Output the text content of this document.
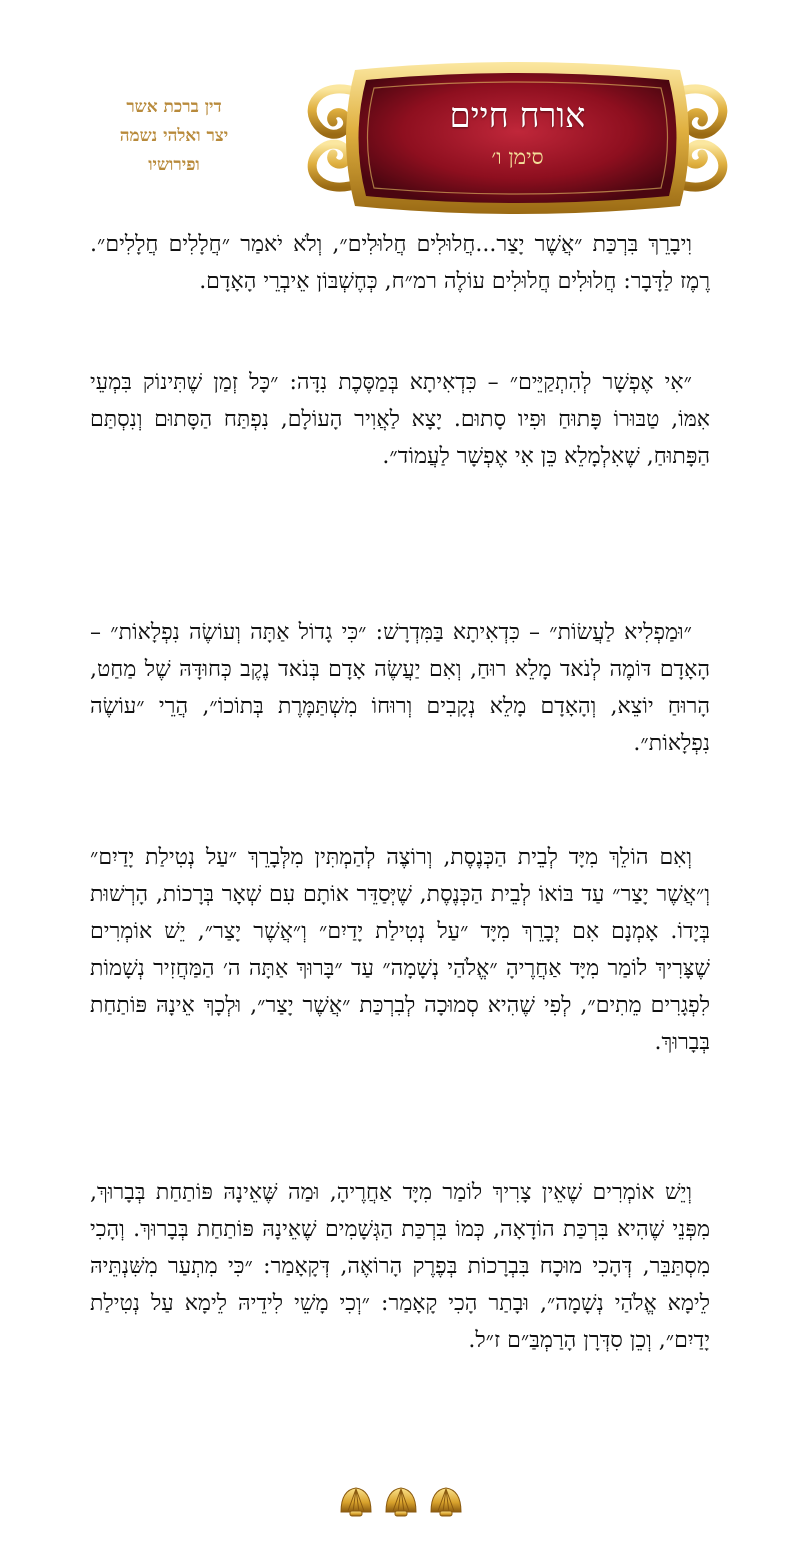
דין ברכת אשר
יצר ואלהי נשמה
ופירושיו
אורח חיים
סימן ו׳

וִיבָרֵךְ בִּרְכַּת ״אֲשֶׁר יָצַר...חֲלוּלִים חֲלוּלִים״, וְלֹא יֹאמַר ״חֲלָלִים חֲלָלִים״. רֶמֶז לַדָּבָר: חֲלוּלִים חֲלוּלִים עוֹלֶה רמ״ח, כְּחֶשְׁבּוֹן אֵיבְרֵי הָאָדָם.

״אִי אֶפְשָׁר לְהִתְקַיֵּים״ – כִּדְאִיתָא בְּמַסֶּכֶת נִדָּה: ״כָּל זְמַן שֶׁתִּינוֹק בִּמְעֵי אִמּוֹ, טַבּוּרוֹ פָּתוּחַ וּפִיו סָתוּם. יָצָא לַאֲוִיר הָעוֹלָם, נִפְתַּח הַסָּתוּם וְנִסְתַּם הַפָּתוּחַ, שֶׁאִלְמָלֵא כֵּן אִי אֶפְשָׁר לַעֲמוֹד״.

״וּמַפְלִיא לַעֲשׂוֹת״ – כִּדְאִיתָא בַּמִּדְרָשׁ: ״כִּי גָדוֹל אַתָּה וְעוֹשֶׂה נִפְלָאוֹת״ – הָאָדָם דּוֹמֶה לְנֹאד מָלֵא רוּחַ, וְאִם יַעֲשֶׂה אָדָם בְּנֹאד נֶקֶב כְּחוּדָּהּ שֶׁל מַחַט, הָרוּחַ יוֹצֵא, וְהָאָדָם מָלֵא נְקָבִים וְרוּחוֹ מִשְׁתַּמֶּרֶת בְּתוֹכוֹ״, הֲרֵי ״עוֹשֶׂה נִפְלָאוֹת״.

וְאִם הוֹלֵךְ מִיָּד לְבֵית הַכְּנֶסֶת, וְרוֹצֶה לְהַמְתִּין מִלְּבָרֵךְ ״עַל נְטִילַת יָדַיִם״ וְ״אֲשֶׁר יָצַר״ עַד בּוֹאוֹ לְבֵית הַכְּנֶסֶת, שֶׁיְּסַדֵּר אוֹתָם עִם שְׁאָר בְּרָכוֹת, הָרְשׁוּת בְּיָדוֹ. אָמְנָם אִם יְבָרֵךְ מִיָּד ״עַל נְטִילַת יָדַיִם״ וְ״אֲשֶׁר יָצַר״, יֵשׁ אוֹמְרִים שֶׁצָּרִיךְ לוֹמַר מִיָּד אַחֲרֶיהָ ״אֱלֹהַי נְשָׁמָה״ עַד ״בָּרוּךְ אַתָּה ה׳ הַמַּחֲזִיר נְשָׁמוֹת לִפְגָרִים מֵתִים״, לְפִי שֶׁהִיא סְמוּכָה לְבִרְכַּת ״אֲשֶׁר יָצַר״, וּלְכָךְ אֵינָהּ פּוֹתַחַת בְּבָרוּךְ.

וְיֵשׁ אוֹמְרִים שֶׁאֵין צָרִיךְ לוֹמַר מִיָּד אַחֲרֶיהָ, וּמַה שֶּׁאֵינָהּ פּוֹתַחַת בְּבָרוּךְ, מִפְּנֵי שֶׁהִיא בִּרְכַּת הוֹדָאָה, כְּמוֹ בִּרְכַּת הַגְּשָׁמִים שֶׁאֵינָהּ פּוֹתַחַת בְּבָרוּךְ. וְהָכִי מִסְתַּבֵּר, דְּהָכִי מוּכָח בִּבְרָכוֹת בְּפֶרֶק הָרוֹאֶה, דְּקָאָמַר: ״כִּי מִתְעַר מִשִּׁנְתֵּיהּ לֵימָא אֱלֹהַי נְשָׁמָה״, וּבָתַר הָכִי קָאָמַר: ״וְכִי מָשֵׁי לִידֵיהּ לֵימָא עַל נְטִילַת יָדַיִם״, וְכֵן סִדְּרָן הָרַמְבַּ״ם ז״ל.
